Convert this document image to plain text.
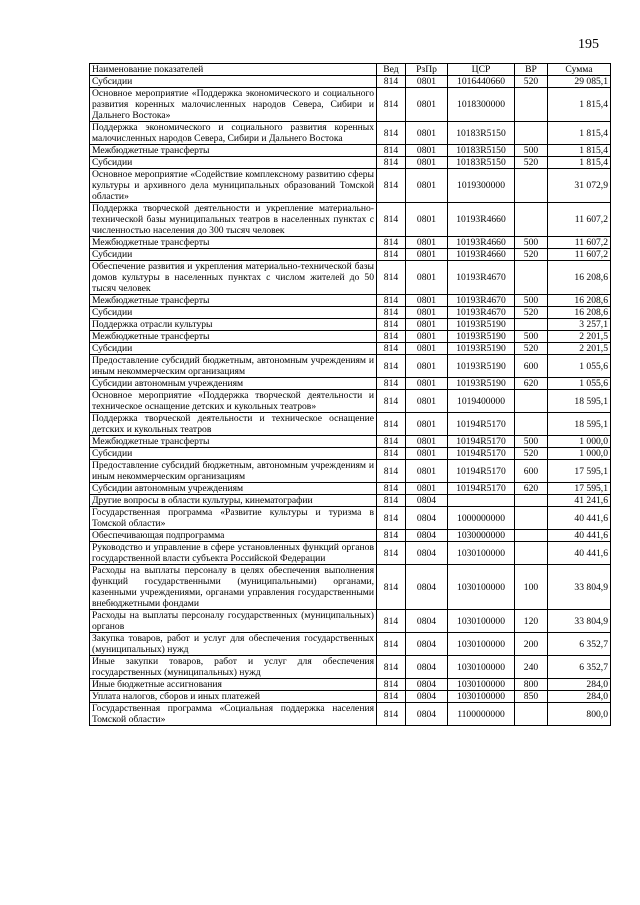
195
Наименование показателей	Вед	РзПр	ЦСР	ВР	Сумма
Субсидии	814	0801	1016440660	520	29 085,1
Основное мероприятие «Поддержка экономического и социального развития коренных малочисленных народов Севера, Сибири и Дальнего Востока»	814	0801	1018300000		1 815,4
Поддержка экономического и социального развития коренных малочисленных народов Севера, Сибири и Дальнего Востока	814	0801	10183R5150		1 815,4
Межбюджетные трансферты	814	0801	10183R5150	500	1 815,4
Субсидии	814	0801	10183R5150	520	1 815,4
Основное мероприятие «Содействие комплексному развитию сферы культуры и архивного дела муниципальных образований Томской области»	814	0801	1019300000		31 072,9
Поддержка творческой деятельности и укрепление материально-технической базы муниципальных театров в населенных пунктах с численностью населения до 300 тысяч человек	814	0801	10193R4660		11 607,2
Межбюджетные трансферты	814	0801	10193R4660	500	11 607,2
Субсидии	814	0801	10193R4660	520	11 607,2
Обеспечение развития и укрепления материально-технической базы домов культуры в населенных пунктах с числом жителей до 50 тысяч человек	814	0801	10193R4670		16 208,6
Межбюджетные трансферты	814	0801	10193R4670	500	16 208,6
Субсидии	814	0801	10193R4670	520	16 208,6
Поддержка отрасли культуры	814	0801	10193R5190		3 257,1
Межбюджетные трансферты	814	0801	10193R5190	500	2 201,5
Субсидии	814	0801	10193R5190	520	2 201,5
Предоставление субсидий бюджетным, автономным учреждениям и иным некоммерческим организациям	814	0801	10193R5190	600	1 055,6
Субсидии автономным учреждениям	814	0801	10193R5190	620	1 055,6
Основное мероприятие «Поддержка творческой деятельности и техническое оснащение детских и кукольных театров»	814	0801	1019400000		18 595,1
Поддержка творческой деятельности и техническое оснащение детских и кукольных театров	814	0801	10194R5170		18 595,1
Межбюджетные трансферты	814	0801	10194R5170	500	1 000,0
Субсидии	814	0801	10194R5170	520	1 000,0
Предоставление субсидий бюджетным, автономным учреждениям и иным некоммерческим организациям	814	0801	10194R5170	600	17 595,1
Субсидии автономным учреждениям	814	0801	10194R5170	620	17 595,1
Другие вопросы в области культуры, кинематографии	814	0804			41 241,6
Государственная программа «Развитие культуры и туризма в Томской области»	814	0804	1000000000		40 441,6
Обеспечивающая подпрограмма	814	0804	1030000000		40 441,6
Руководство и управление в сфере установленных функций органов государственной власти субъекта Российской Федерации	814	0804	1030100000		40 441,6
Расходы на выплаты персоналу в целях обеспечения выполнения функций государственными (муниципальными) органами, казенными учреждениями, органами управления государственными внебюджетными фондами	814	0804	1030100000	100	33 804,9
Расходы на выплаты персоналу государственных (муниципальных) органов	814	0804	1030100000	120	33 804,9
Закупка товаров, работ и услуг для обеспечения государственных (муниципальных) нужд	814	0804	1030100000	200	6 352,7
Иные закупки товаров, работ и услуг для обеспечения государственных (муниципальных) нужд	814	0804	1030100000	240	6 352,7
Иные бюджетные ассигнования	814	0804	1030100000	800	284,0
Уплата налогов, сборов и иных платежей	814	0804	1030100000	850	284,0
Государственная программа «Социальная поддержка населения Томской области»	814	0804	1100000000		800,0
